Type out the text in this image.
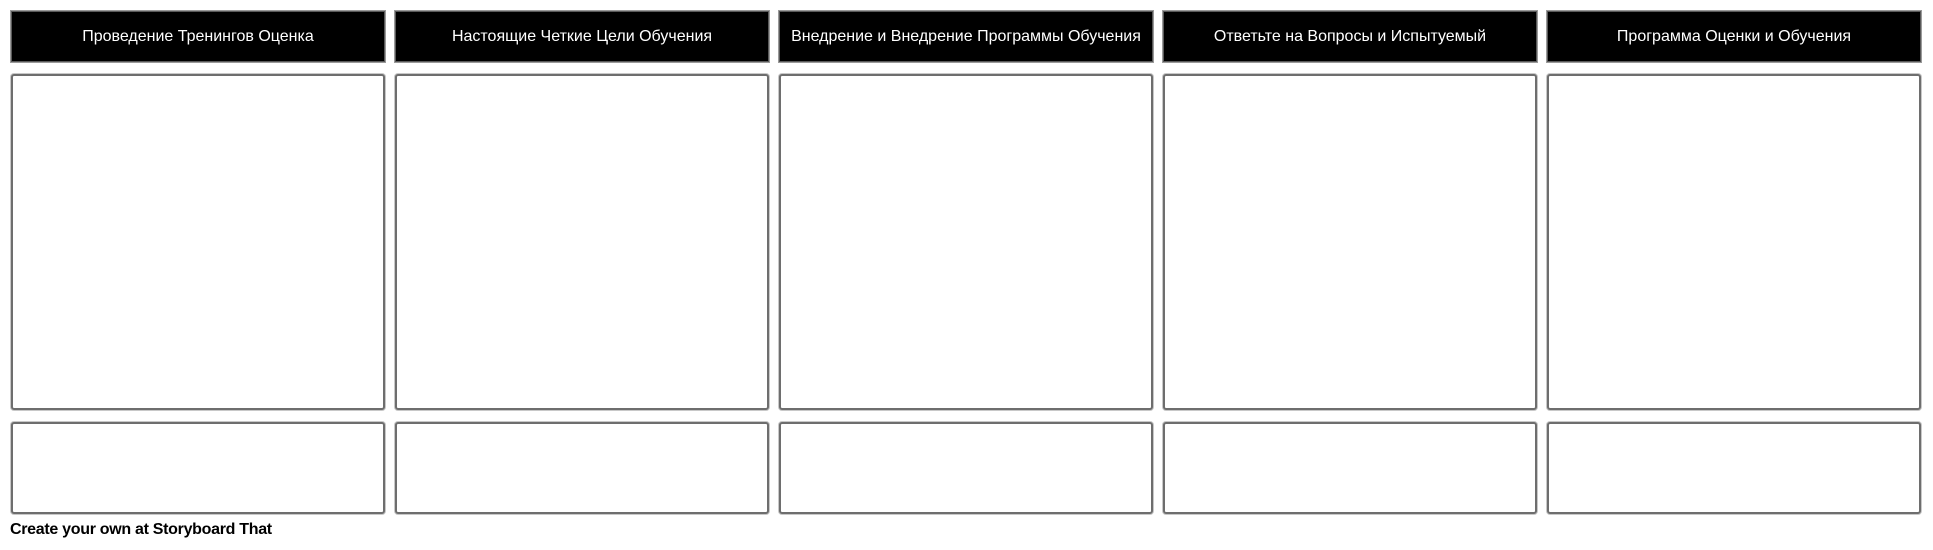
Проведение Тренингов Оценка	Настоящие Четкие Цели Обучения	Внедрение и Внедрение Программы Обучения	Ответьте на Вопросы и Испытуемый	Программа Оценки и Обучения
Create your own at Storyboard That
